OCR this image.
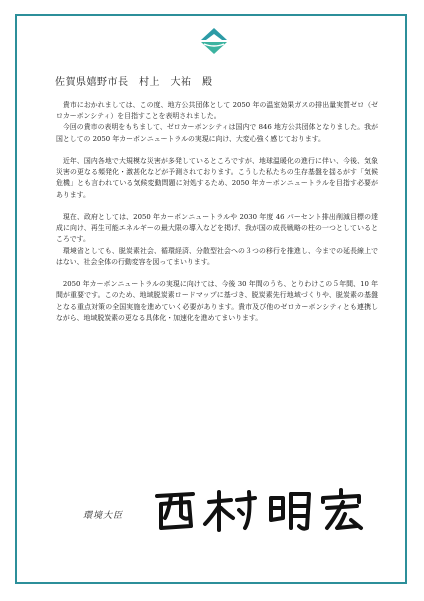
佐賀県嬉野市長　村上　大祐　殿

貴市におかれましては、この度、地方公共団体として 2050 年の温室効果ガスの排出量実質ゼロ（ゼロカーボンシティ）を目指すことを表明されました。

今回の貴市の表明をもちまして、ゼロカーボンシティは国内で 846 地方公共団体となりました。我が国としての 2050 年カーボンニュートラルの実現に向け、大変心強く感じております。

近年、国内各地で大規模な災害が多発しているところですが、地球温暖化の進行に伴い、今後、気象災害の更なる頻発化・激甚化などが予測されております。こうした私たちの生存基盤を揺るがす「気候危機」とも言われている気候変動問題に対処するため、2050 年カーボンニュートラルを目指す必要があります。

現在、政府としては、2050 年カーボンニュートラルや 2030 年度 46 パーセント排出削減目標の達成に向け、再生可能エネルギーの最大限の導入などを掲げ、我が国の成長戦略の柱の一つとしているところです。

環境省としても、脱炭素社会、循環経済、分散型社会への３つの移行を推進し、今までの延長線上ではない、社会全体の行動変容を図ってまいります。

2050 年カーボンニュートラルの実現に向けては、今後 30 年間のうち、とりわけこの５年間、10 年間が重要です。このため、地域脱炭素ロードマップに基づき、脱炭素先行地域づくりや、脱炭素の基盤となる重点対策の全国実施を進めていく必要があります。貴市及び他のゼロカーボンシティとも連携しながら、地域脱炭素の更なる具体化・加速化を進めてまいります。

環境大臣
